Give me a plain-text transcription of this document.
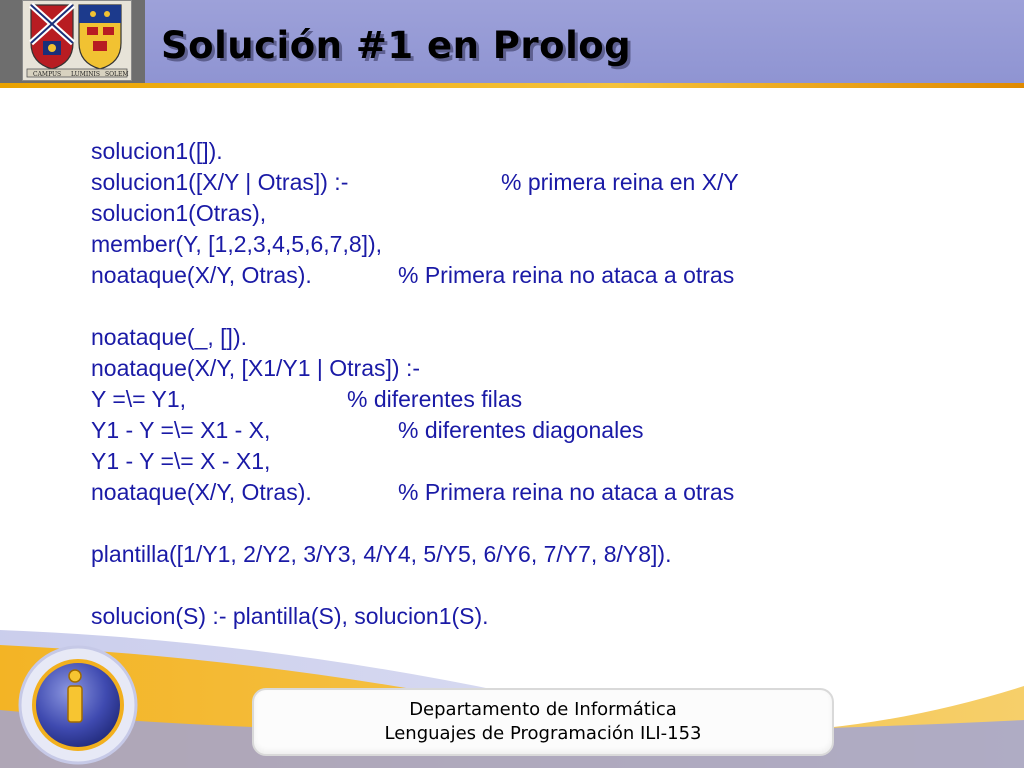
CAMPUS LUMINIS SOLEM
Solución #1 en Prolog
solucion1([]).
solucion1([X/Y | Otras]) :-	% primera reina en X/Y
solucion1(Otras),
member(Y, [1,2,3,4,5,6,7,8]),
noataque(X/Y, Otras).	% Primera reina no ataca a otras
noataque(_, []).
noataque(X/Y, [X1/Y1 | Otras]) :-
Y =\= Y1,	% diferentes filas
Y1 - Y =\= X1 - X,	% diferentes diagonales
Y1 - Y =\= X - X1,
noataque(X/Y, Otras).	% Primera reina no ataca a otras
plantilla([1/Y1, 2/Y2, 3/Y3, 4/Y4, 5/Y5, 6/Y6, 7/Y7, 8/Y8]).
solucion(S) :- plantilla(S), solucion1(S).
Departamento de Informática
Lenguajes de Programación ILI-153
